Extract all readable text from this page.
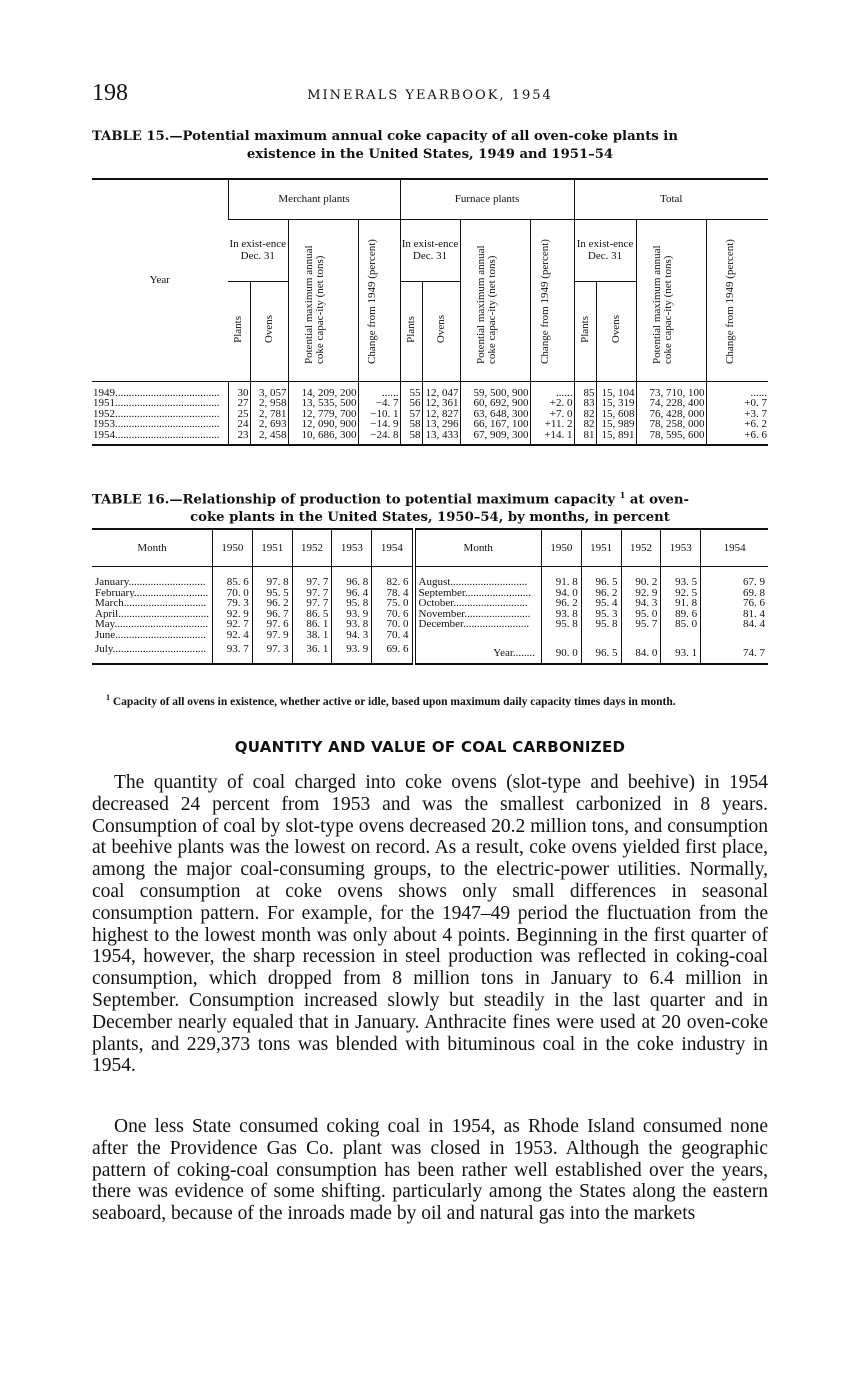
198	MINERALS YEARBOOK, 1954
TABLE 15.—Potential maximum annual coke capacity of all oven-coke plants in
existence in the United States, 1949 and 1951–54
Year	Merchant plants				Furnace plants				Total			
	In exist-ence Dec. 31		Potential maximum annual coke capac-ity (net tons)	Change from 1949 (percent)	In exist-ence Dec. 31		Potential maximum annual coke capac-ity (net tons)	Change from 1949 (percent)	In exist-ence Dec. 31		Potential maximum annual coke capac-ity (net tons)	Change from 1949 (percent)
	Plants	Ovens			Plants	Ovens			Plants	Ovens		
1949......................................	30	3, 057	14, 209, 200	......	55	12, 047	59, 500, 900	......	85	15, 104	73, 710, 100	......
1951......................................	27	2, 958	13, 535, 500	−4. 7	56	12, 361	60, 692, 900	+2. 0	83	15, 319	74, 228, 400	+0. 7
1952......................................	25	2, 781	12, 779, 700	−10. 1	57	12, 827	63, 648, 300	+7. 0	82	15, 608	76, 428, 000	+3. 7
1953......................................	24	2, 693	12, 090, 900	−14. 9	58	13, 296	66, 167, 100	+11. 2	82	15, 989	78, 258, 000	+6. 2
1954......................................	23	2, 458	10, 686, 300	−24. 8	58	13, 433	67, 909, 300	+14. 1	81	15, 891	78, 595, 600	+6. 6
TABLE 16.—Relationship of production to potential maximum capacity $^1$ at oven-
coke plants in the United States, 1950–54, by months, in percent
Month	1950	1951	1952	1953	1954	Month	1950	1951	1952	1953	1954
January............................	85. 6	97. 8	97. 7	96. 8	82. 6	August............................	91. 8	96. 5	90. 2	93. 5	67. 9
February...........................	70. 0	95. 5	97. 7	96. 4	78. 4	September........................	94. 0	96. 2	92. 9	92. 5	69. 8
March..............................	79. 3	96. 2	97. 7	95. 8	75. 0	October...........................	96. 2	95. 4	94. 3	91. 8	76. 6
April.................................	92. 9	96. 7	86. 5	93. 9	70. 6	November........................	93. 8	95. 3	95. 0	89. 6	81. 4
May..................................	92. 7	97. 6	86. 1	93. 8	70. 0	December........................	95. 8	95. 8	95. 7	85. 0	84. 4
June.................................	92. 4	97. 9	38. 1	94. 3	70. 4						
July..................................	93. 7	97. 3	36. 1	93. 9	69. 6	Year........	90. 0	96. 5	84. 0	93. 1	74. 7
$^1$ Capacity of all ovens in existence, whether active or idle, based upon maximum daily capacity times days in month.
QUANTITY AND VALUE OF COAL CARBONIZED

The quantity of coal charged into coke ovens (slot-type and beehive) in 1954 decreased 24 percent from 1953 and was the smallest carbonized in 8 years. Consumption of coal by slot-type ovens decreased 20.2 million tons, and consumption at beehive plants was the lowest on record. As a result, coke ovens yielded first place, among the major coal-consuming groups, to the electric-power utilities. Normally, coal consumption at coke ovens shows only small differences in seasonal consumption pattern. For example, for the 1947–49 period the fluctuation from the highest to the lowest month was only about 4 points. Beginning in the first quarter of 1954, however, the sharp recession in steel production was reflected in coking-coal consumption, which dropped from 8 million tons in January to 6.4 million in September. Consumption increased slowly but steadily in the last quarter and in December nearly equaled that in January. Anthracite fines were used at 20 oven-coke plants, and 229,373 tons was blended with bituminous coal in the coke industry in 1954.

One less State consumed coking coal in 1954, as Rhode Island consumed none after the Providence Gas Co. plant was closed in 1953. Although the geographic pattern of coking-coal consumption has been rather well established over the years, there was evidence of some shifting. particularly among the States along the eastern seaboard, because of the inroads made by oil and natural gas into the markets
